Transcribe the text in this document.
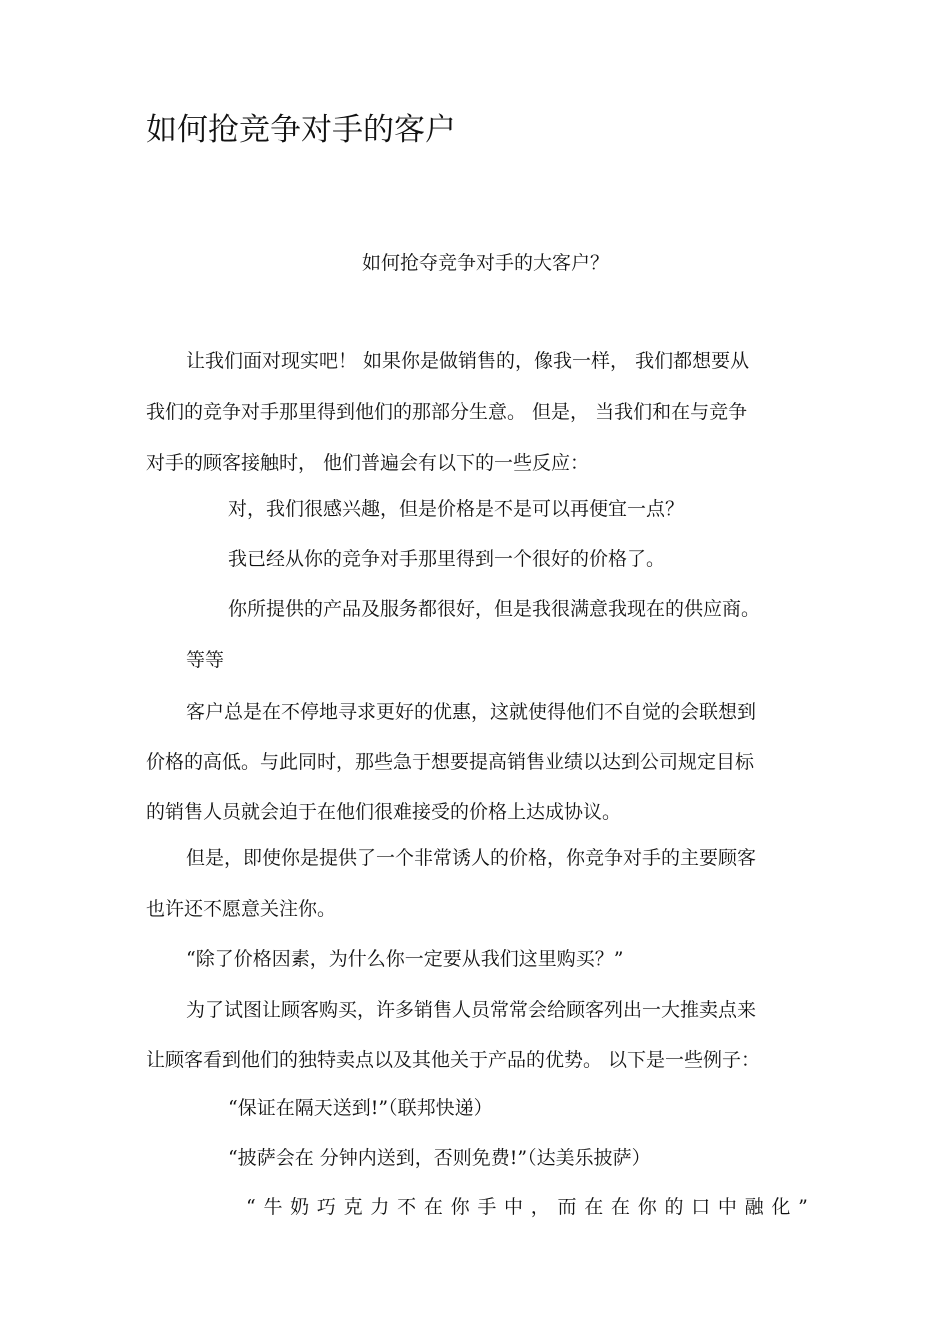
如何抢竞争对手的客户
如何抢夺竞争对手的大客户？

让我们面对现实吧！ 如果你是做销售的，像我一样， 我们都想要从

我们的竞争对手那里得到他们的那部分生意。 但是， 当我们和在与竞争

对手的顾客接触时， 他们普遍会有以下的一些反应：

对，我们很感兴趣，但是价格是不是可以再便宜一点？

我已经从你的竞争对手那里得到一个很好的价格了。

你所提供的产品及服务都很好，但是我很满意我现在的供应商。

等等

客户总是在不停地寻求更好的优惠，这就使得他们不自觉的会联想到

价格的高低。与此同时，那些急于想要提高销售业绩以达到公司规定目标

的销售人员就会迫于在他们很难接受的价格上达成协议。

但是，即使你是提供了一个非常诱人的价格，你竞争对手的主要顾客

也许还不愿意关注你。

“除了价格因素，为什么你一定要从我们这里购买？”

为了试图让顾客购买，许多销售人员常常会给顾客列出一大推卖点来

让顾客看到他们的独特卖点以及其他关于产品的优势。 以下是一些例子：

“保证在隔天送到!”（联邦快递）

“披萨会在 分钟内送到，否则免费!”（达美乐披萨）

“ 牛 奶 巧 克 力 不 在 你 手 中 ， 而 在 在 你 的 口 中 融 化 ”
